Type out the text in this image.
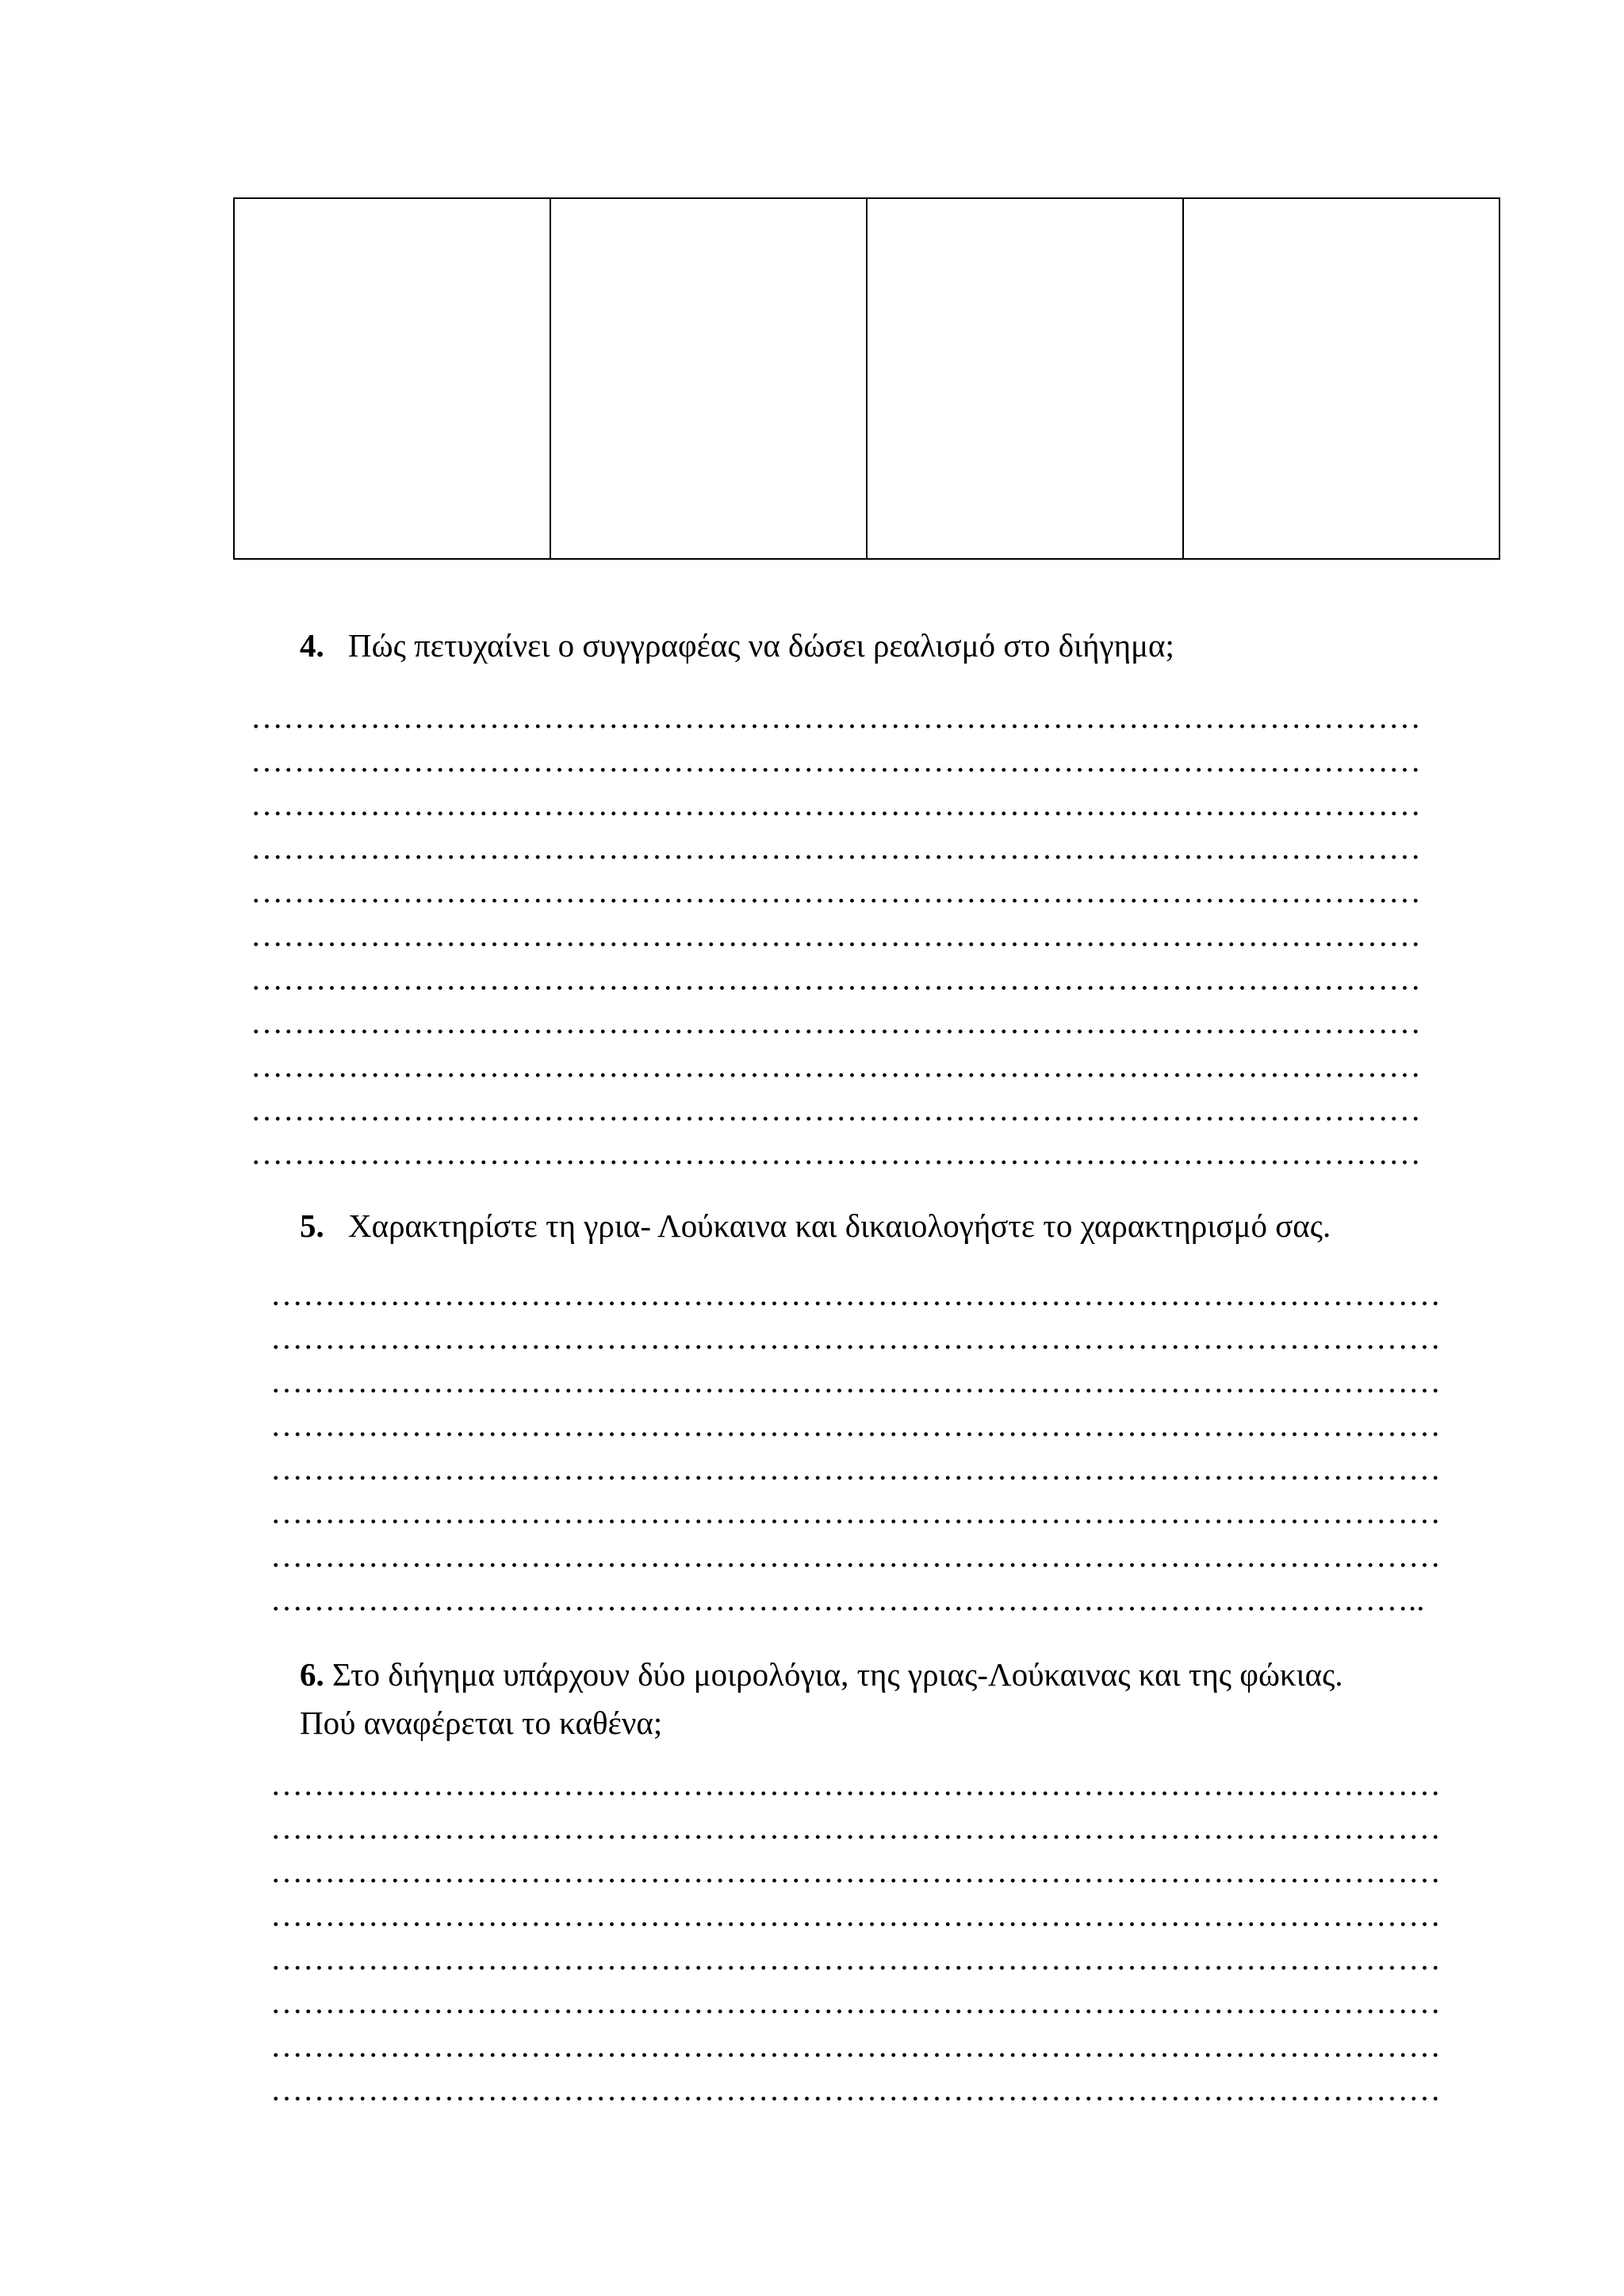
4. Πώς πετυχαίνει ο συγγραφέας να δώσει ρεαλισμό στο διήγημα;
………………………………………………………………………………………………
………………………………………………………………………………………………
………………………………………………………………………………………………
………………………………………………………………………………………………
………………………………………………………………………………………………
………………………………………………………………………………………………
………………………………………………………………………………………………
………………………………………………………………………………………………
………………………………………………………………………………………………
………………………………………………………………………………………………
………………………………………………………………………………………………
5. Χαρακτηρίστε τη γρια- Λούκαινα και δικαιολογήστε το χαρακτηρισμό σας.
………………………………………………………………………………………………
………………………………………………………………………………………………
………………………………………………………………………………………………
………………………………………………………………………………………………
………………………………………………………………………………………………
………………………………………………………………………………………………
………………………………………………………………………………………………
……………………………………………………………………………………………..
6. Στο διήγημα υπάρχουν δύο μοιρολόγια, της γριας-Λούκαινας και της φώκιας.
Πού αναφέρεται το καθένα;
………………………………………………………………………………………………
………………………………………………………………………………………………
………………………………………………………………………………………………
………………………………………………………………………………………………
………………………………………………………………………………………………
………………………………………………………………………………………………
………………………………………………………………………………………………
………………………………………………………………………………………………
